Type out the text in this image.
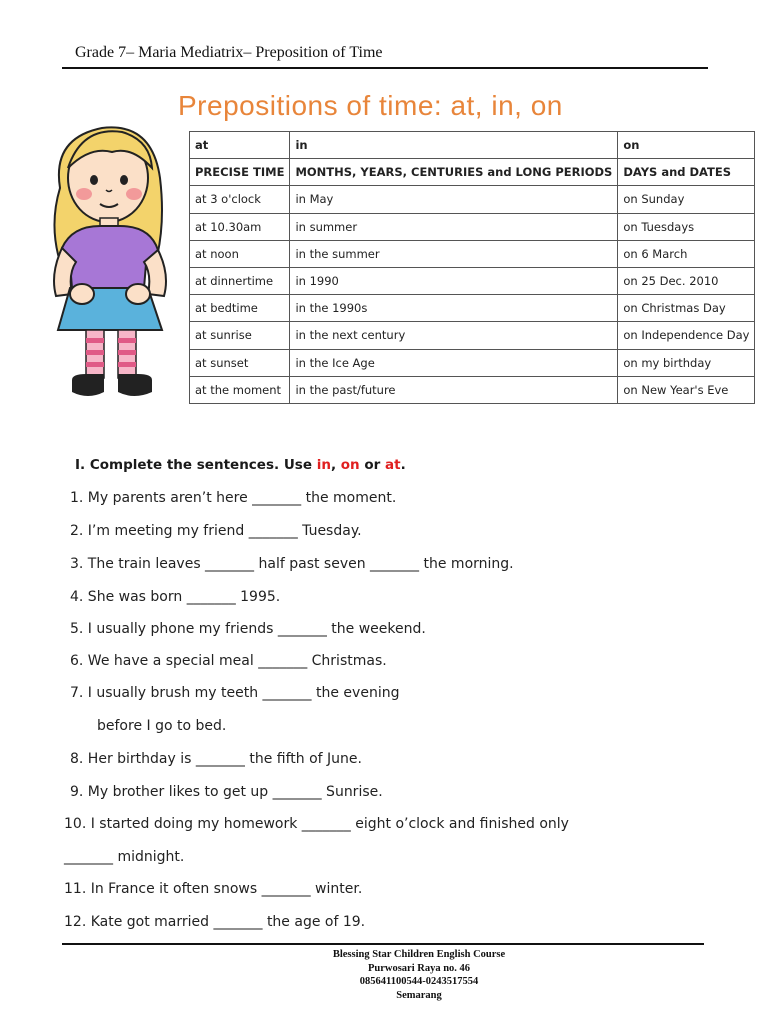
Grade 7– Maria Mediatrix– Preposition of Time
Prepositions of time: at, in, on
at	in	on
PRECISE TIME	MONTHS, YEARS, CENTURIES and LONG PERIODS	DAYS and DATES
at 3 o'clock	in May	on Sunday
at 10.30am	in summer	on Tuesdays
at noon	in the summer	on 6 March
at dinnertime	in 1990	on 25 Dec. 2010
at bedtime	in the 1990s	on Christmas Day
at sunrise	in the next century	on Independence Day
at sunset	in the Ice Age	on my birthday
at the moment	in the past/future	on New Year's Eve
I. Complete the sentences. Use in, on or at.
1. My parents aren’t here _______ the moment.
2. I’m meeting my friend _______ Tuesday.
3. The train leaves _______ half past seven _______ the morning.
4. She was born _______ 1995.
5. I usually phone my friends _______ the weekend.
6. We have a special meal _______ Christmas.
7. I usually brush my teeth _______ the evening
before I go to bed.
8. Her birthday is _______ the fifth of June.
9. My brother likes to get up _______ Sunrise.
10. I started doing my homework _______ eight o’clock and finished only
_______ midnight.
11. In France it often snows _______ winter.
12. Kate got married _______ the age of 19.
Blessing Star Children English Course
Purwosari Raya no. 46
085641100544-0243517554
Semarang
